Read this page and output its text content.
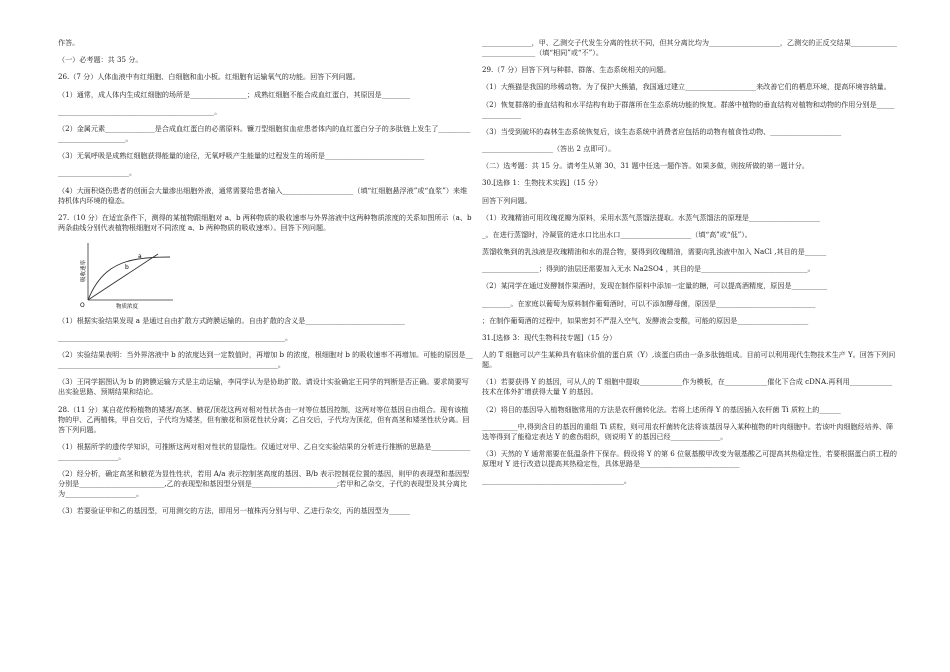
作答。

（一）必考题：共 35 分。

26.（7 分）人体血液中有红细胞、白细胞和血小板。红细胞有运输氧气的功能。回答下列问题。

（1）通常，成人体内生成红细胞的场所是________________；成熟红细胞不能合成血红蛋白，其原因是________

____________________________________________。

（2）金属元素______________是合成血红蛋白的必需原料。镰刀型细胞贫血症患者体内的血红蛋白分子的多肽链上发生了____________________________。

（3）无氧呼吸是成熟红细胞获得能量的途径，无氧呼吸产生能量的过程发生的场所是____________________________

____________________。

（4）大面积烧伤患者的创面会大量渗出细胞外液，通常需要给患者输入____________________（填“红细胞悬浮液”或“血浆”）来维持机体内环境的稳态。

27.（10 分）在适宜条件下，测得的某植物跟细胞对 a、b 两种物质的吸收速率与外界溶液中这两种物质浓度的关系如图所示（a、b 两条曲线分别代表植物根细胞对不同浓度 a、b 两种物质的吸收速率）。回答下列问题。

a
b
O	物质浓度
吸收速率

（1）根据实验结果发现 a 是通过自由扩散方式跨膜运输的。自由扩散的含义是____________________________

________________________________________________________________。

（2）实验结果表明：当外界溶液中 b 的浓度达到一定数值时，再增加 b 的浓度，根细胞对 b 的吸收速率不再增加。可能的原因是________________________________________________________________。

（3）王同学据图认为 b 的跨膜运输方式是主动运输，李同学认为是协助扩散。请设计实验确定王同学的判断是否正确。要求简要写出实验思路、预期结果和结论。

28.（11 分）某自花传粉植物的矮茎/高茎、腋花/顶花这两对相对性状各由一对等位基因控制，这两对等位基因自由组合。现有该植物的甲、乙两植株，甲自交后，子代均为矮茎，但有腋花和顶花性状分离；乙自交后，子代均为顶花，但有高茎和矮茎性状分离。回答下列问题。

（1）根据所学的遗传学知识，可推断这两对相对性状的显隐性。仅通过对甲、乙自交实验结果的分析进行推断的思路是____________________________。

（2）经分析，确定高茎和腋花为显性性状，若用 A/a 表示控制茎高度的基因、B/b 表示控制花位置的基因，则甲的表现型和基因型分别是________________________,乙的表现型和基因型分别是________________________;若甲和乙杂交，子代的表现型及其分离比为____________________。

（3）若要验证甲和乙的基因型，可用测交的方法，即用另一植株丙分别与甲、乙进行杂交，丙的基因型为______

______________，甲、乙测交子代发生分离的性状不同，但其分离比均为____________________，乙测交的正反交结果____________________________（填“相同”或“不”）。

29.（7 分）回答下列与种群、群落、生态系统相关的问题。

（1）大熊猫是我国的珍稀动物。为了保护大熊猫，我国通过建立____________________来改善它们的栖息环境，提高环境容纳量。

（2）恢复群落的垂直结构和水平结构有助于群落所在生态系统功能的恢复。群落中植物的垂直结构对植物和动物的作用分别是________________

（3）当受到破坏的森林生态系统恢复后，该生态系统中消费者应包括的动物有植食性动物、____________________

____________________（答出 2 点即可）。

（二）选考题：共 15 分。请考生从第 30、31 题中任选一题作答。如果多做，则按所做的第一题计分。

30.[选修 1：生物技术实践]（15 分）

回答下列问题。

（1）玫瑰精油可用玫瑰花瓣为原料，采用水蒸气蒸馏法提取。水蒸气蒸馏法的原理是____________________

_。在进行蒸馏时，冷凝管的进水口比出水口____________________（填“高”或“低”）。

蒸馏收集到的乳浊液是玫瑰精油和水的混合物，要得到玫瑰精油，需要向乳浊液中加入 NaCl ,其目的是______

________________；得到的油层还需要加入无水 Na2SO4 ，其目的是______________________________。

（2）某同学在通过发酵制作果酒时，发现在制作原料中添加一定量的糖，可以提高酒精度，原因是__________

________。在家庭以葡萄为原料制作葡萄酒时，可以不添加酵母菌，原因是____________________________

；在制作葡萄酒的过程中，如果密封不严混入空气，发酵液会变酸，可能的原因是____________________

31.[选修 3：现代生物科技专题]（15 分）

人的 T 细胞可以产生某种具有临床价值的蛋白质（Y）,该蛋白质由一条多肽链组成。目前可以利用现代生物技术生产 Y。回答下列问题。

（1）若要获得 Y 的基因，可从人的 T 细胞中提取____________作为模板，在____________催化下合成 cDNA.再利用____________技术在体外扩增获得大量 Y 的基因。

（2）将目的基因导入植物细胞常用的方法是农杆菌转化法。若将上述所得 Y 的基因插入农杆菌 Ti 质粒上的______

__________中,得到含目的基因的重组 Ti 质粒，则可用农杆菌转化法将该基因导入某种植物的叶肉细胞中。若该叶肉细胞经培养、筛选等得到了能稳定表达 Y 的愈伤组织，则说明 Y 的基因已经______________。

（3）天然的 Y 通常需要在低温条件下保存。假设将 Y 的第 6 位氨基酸甲改变为氨基酸乙可提高其热稳定性，若要根据蛋白质工程的原理对 Y 进行改造以提高其热稳定性，具体思路是____________________________

________________________________________。
